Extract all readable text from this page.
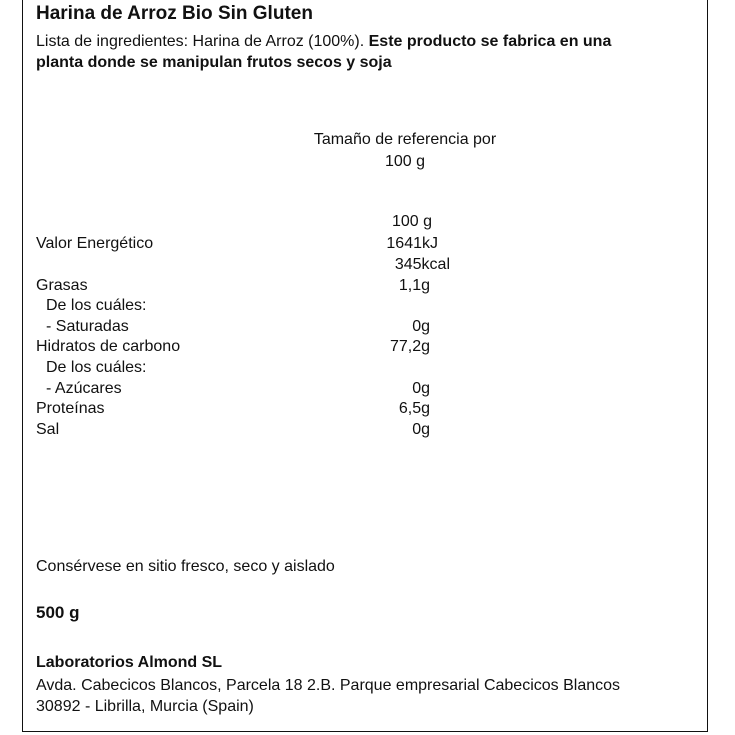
Harina de Arroz Bio Sin Gluten

Lista de ingredientes: Harina de Arroz (100%). Este producto se fabrica en una

planta donde se manipulan frutos secos y soja

Tamaño de referencia por

100 g

100 g

Valor Energético	1641kJ

345kcal

Grasas	1,1g

De los cuáles:

- Saturadas	0g

Hidratos de carbono	77,2g

De los cuáles:

- Azúcares	0g

Proteínas	6,5g

Sal	0g

Consérvese en sitio fresco, seco y aislado

500 g

Laboratorios Almond SL

Avda. Cabecicos Blancos, Parcela 18 2.B. Parque empresarial Cabecicos Blancos

30892 - Librilla, Murcia (Spain)
